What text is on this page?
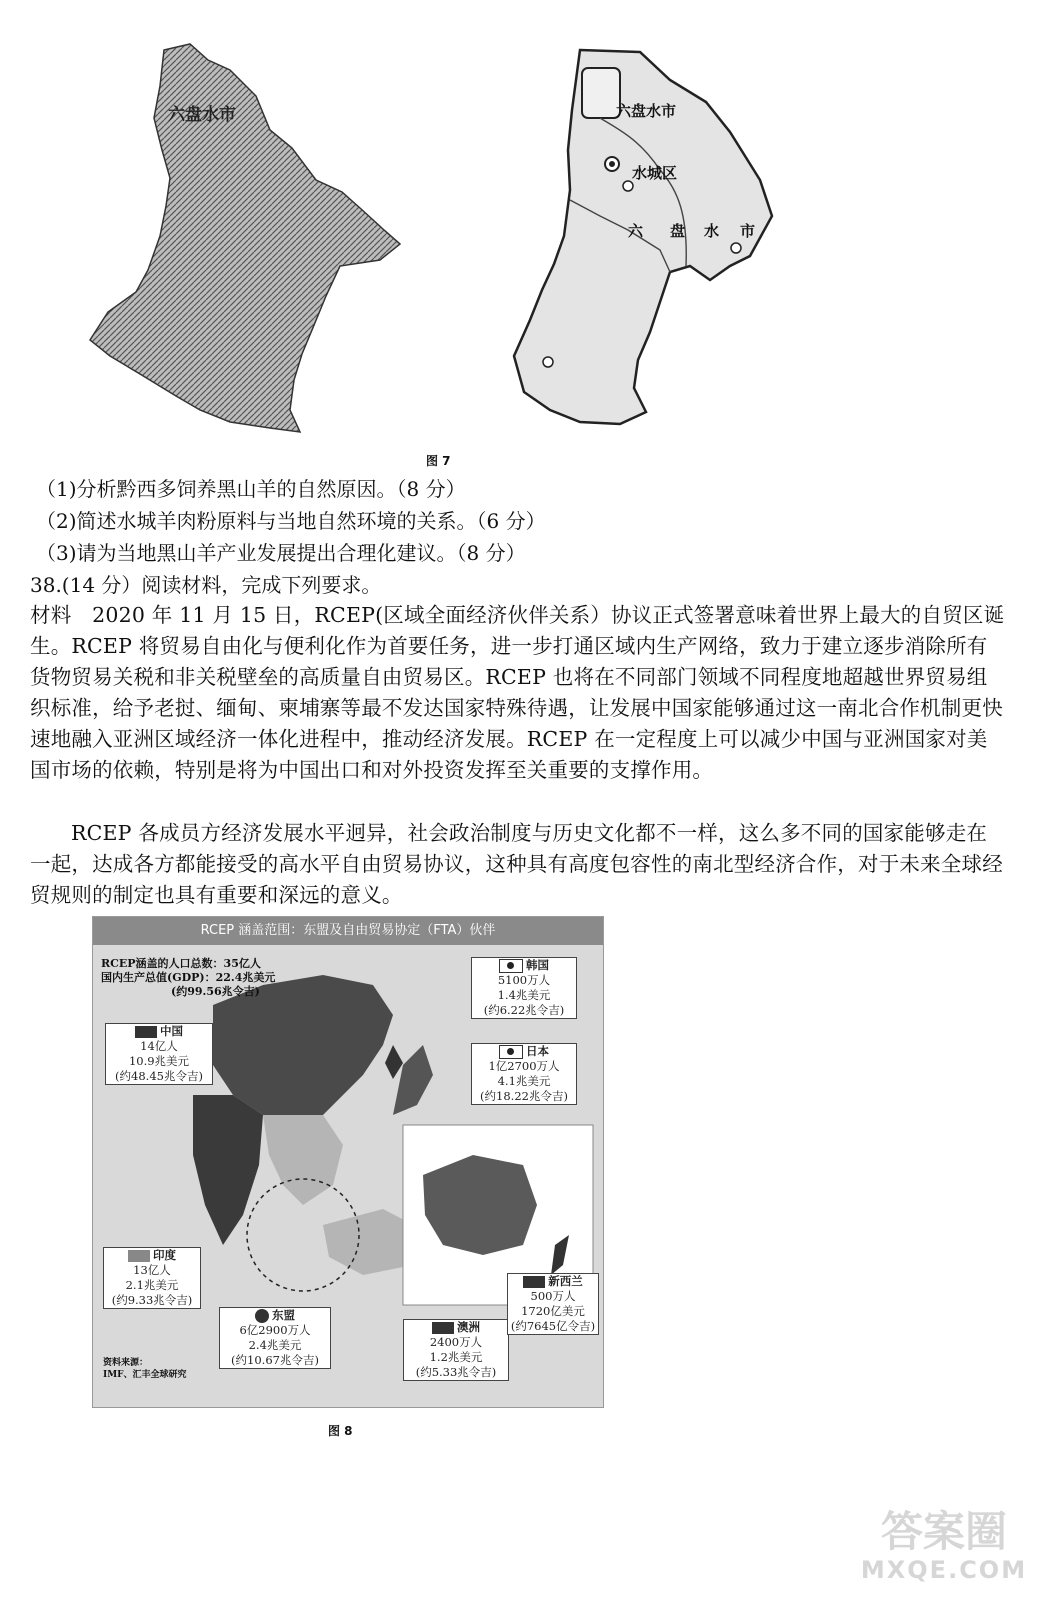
六盘水市	六盘水市
水城区
六 盘 水 市
图 7
（1)分析黔西多饲养黑山羊的自然原因。（8 分）
（2)简述水城羊肉粉原料与当地自然环境的关系。（6 分）
（3)请为当地黑山羊产业发展提出合理化建议。（8 分）
38.(14 分）阅读材料，完成下列要求。
材料　2020 年 11 月 15 日，RCEP(区域全面经济伙伴关系）协议正式签署意味着世界上最大的自贸区诞生。RCEP 将贸易自由化与便利化作为首要任务，进一步打通区域内生产网络，致力于建立逐步消除所有货物贸易关税和非关税壁垒的高质量自由贸易区。RCEP 也将在不同部门领域不同程度地超越世界贸易组织标准，给予老挝、缅甸、柬埔寨等最不发达国家特殊待遇，让发展中国家能够通过这一南北合作机制更快速地融入亚洲区域经济一体化进程中，推动经济发展。RCEP 在一定程度上可以减少中国与亚洲国家对美国市场的依赖，特别是将为中国出口和对外投资发挥至关重要的支撑作用。
RCEP 各成员方经济发展水平迥异，社会政治制度与历史文化都不一样，这么多不同的国家能够走在一起，达成各方都能接受的高水平自由贸易协议，这种具有高度包容性的南北型经济合作，对于未来全球经贸规则的制定也具有重要和深远的意义。
RCEP 涵盖范围：东盟及自由贸易协定（FTA）伙伴
RCEP涵盖的人口总数：35亿人
国内生产总值(GDP)：22.4兆美元
(约99.56兆令吉)
中国
14亿人
10.9兆美元
(约48.45兆令吉)
韩国
5100万人
1.4兆美元
(约6.22兆令吉)
日本
1亿2700万人
4.1兆美元
(约18.22兆令吉)
印度
13亿人
2.1兆美元
(约9.33兆令吉)
东盟
6亿2900万人
2.4兆美元
(约10.67兆令吉)
澳洲
2400万人
1.2兆美元
(约5.33兆令吉)
新西兰
500万人
1720亿美元
(约7645亿令吉)
资料来源：
IMF、汇丰全球研究
图 8
答案圈
MXQE.COM
